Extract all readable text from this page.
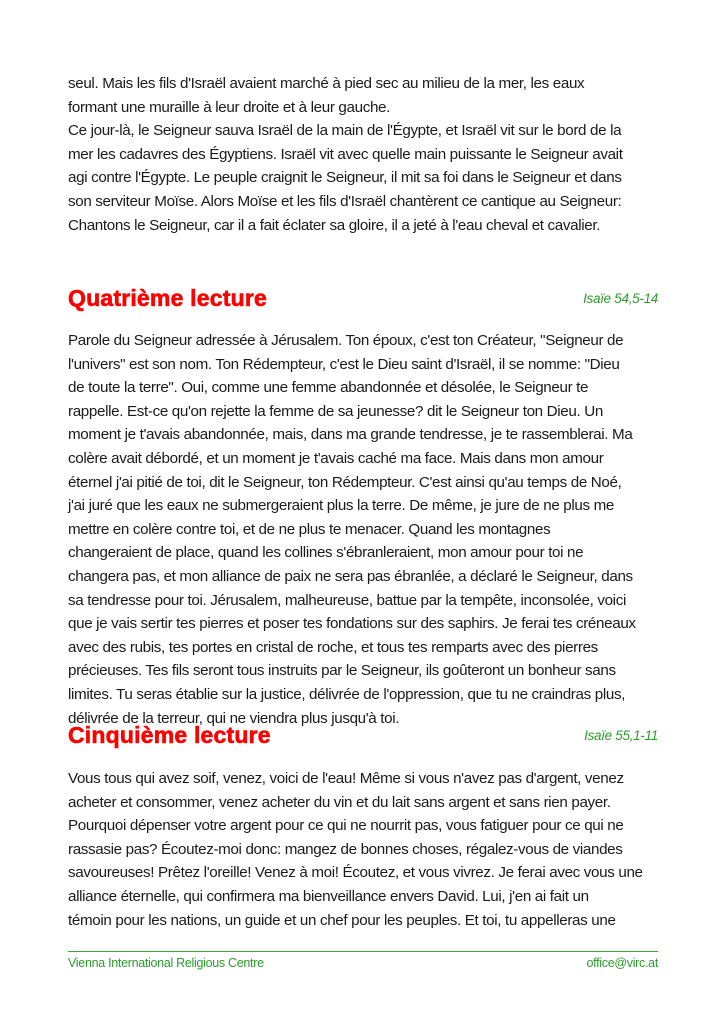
seul. Mais les fils d'Israël avaient marché à pied sec au milieu de la mer, les eaux
formant une muraille à leur droite et à leur gauche.
Ce jour-là, le Seigneur sauva Israël de la main de l'Égypte, et Israël vit sur le bord de la
mer les cadavres des Égyptiens. Israël vit avec quelle main puissante le Seigneur avait
agi contre l'Égypte. Le peuple craignit le Seigneur, il mit sa foi dans le Seigneur et dans
son serviteur Moïse. Alors Moïse et les fils d'Israël chantèrent ce cantique au Seigneur:
Chantons le Seigneur, car il a fait éclater sa gloire, il a jeté à l'eau cheval et cavalier.
Quatrième lecture	Isaïe 54,5-14
Parole du Seigneur adressée à Jérusalem. Ton époux, c'est ton Créateur, "Seigneur de
l'univers" est son nom. Ton Rédempteur, c'est le Dieu saint d'Israël, il se nomme: "Dieu
de toute la terre". Oui, comme une femme abandonnée et désolée, le Seigneur te
rappelle. Est-ce qu'on rejette la femme de sa jeunesse? dit le Seigneur ton Dieu. Un
moment je t'avais abandonnée, mais, dans ma grande tendresse, je te rassemblerai. Ma
colère avait débordé, et un moment je t'avais caché ma face. Mais dans mon amour
éternel j'ai pitié de toi, dit le Seigneur, ton Rédempteur. C'est ainsi qu'au temps de Noé,
j'ai juré que les eaux ne submergeraient plus la terre. De même, je jure de ne plus me
mettre en colère contre toi, et de ne plus te menacer. Quand les montagnes
changeraient de place, quand les collines s'ébranleraient, mon amour pour toi ne
changera pas, et mon alliance de paix ne sera pas ébranlée, a déclaré le Seigneur, dans
sa tendresse pour toi. Jérusalem, malheureuse, battue par la tempête, inconsolée, voici
que je vais sertir tes pierres et poser tes fondations sur des saphirs. Je ferai tes créneaux
avec des rubis, tes portes en cristal de roche, et tous tes remparts avec des pierres
précieuses. Tes fils seront tous instruits par le Seigneur, ils goûteront un bonheur sans
limites. Tu seras établie sur la justice, délivrée de l'oppression, que tu ne craindras plus,
délivrée de la terreur, qui ne viendra plus jusqu'à toi.
Cinquième lecture	Isaïe 55,1-11
Vous tous qui avez soif, venez, voici de l'eau! Même si vous n'avez pas d'argent, venez
acheter et consommer, venez acheter du vin et du lait sans argent et sans rien payer.
Pourquoi dépenser votre argent pour ce qui ne nourrit pas, vous fatiguer pour ce qui ne
rassasie pas? Écoutez-moi donc: mangez de bonnes choses, régalez-vous de viandes
savoureuses! Prêtez l'oreille! Venez à moi! Écoutez, et vous vivrez. Je ferai avec vous une
alliance éternelle, qui confirmera ma bienveillance envers David. Lui, j'en ai fait un
témoin pour les nations, un guide et un chef pour les peuples. Et toi, tu appelleras une
Vienna International Religious Centre	office@virc.at
